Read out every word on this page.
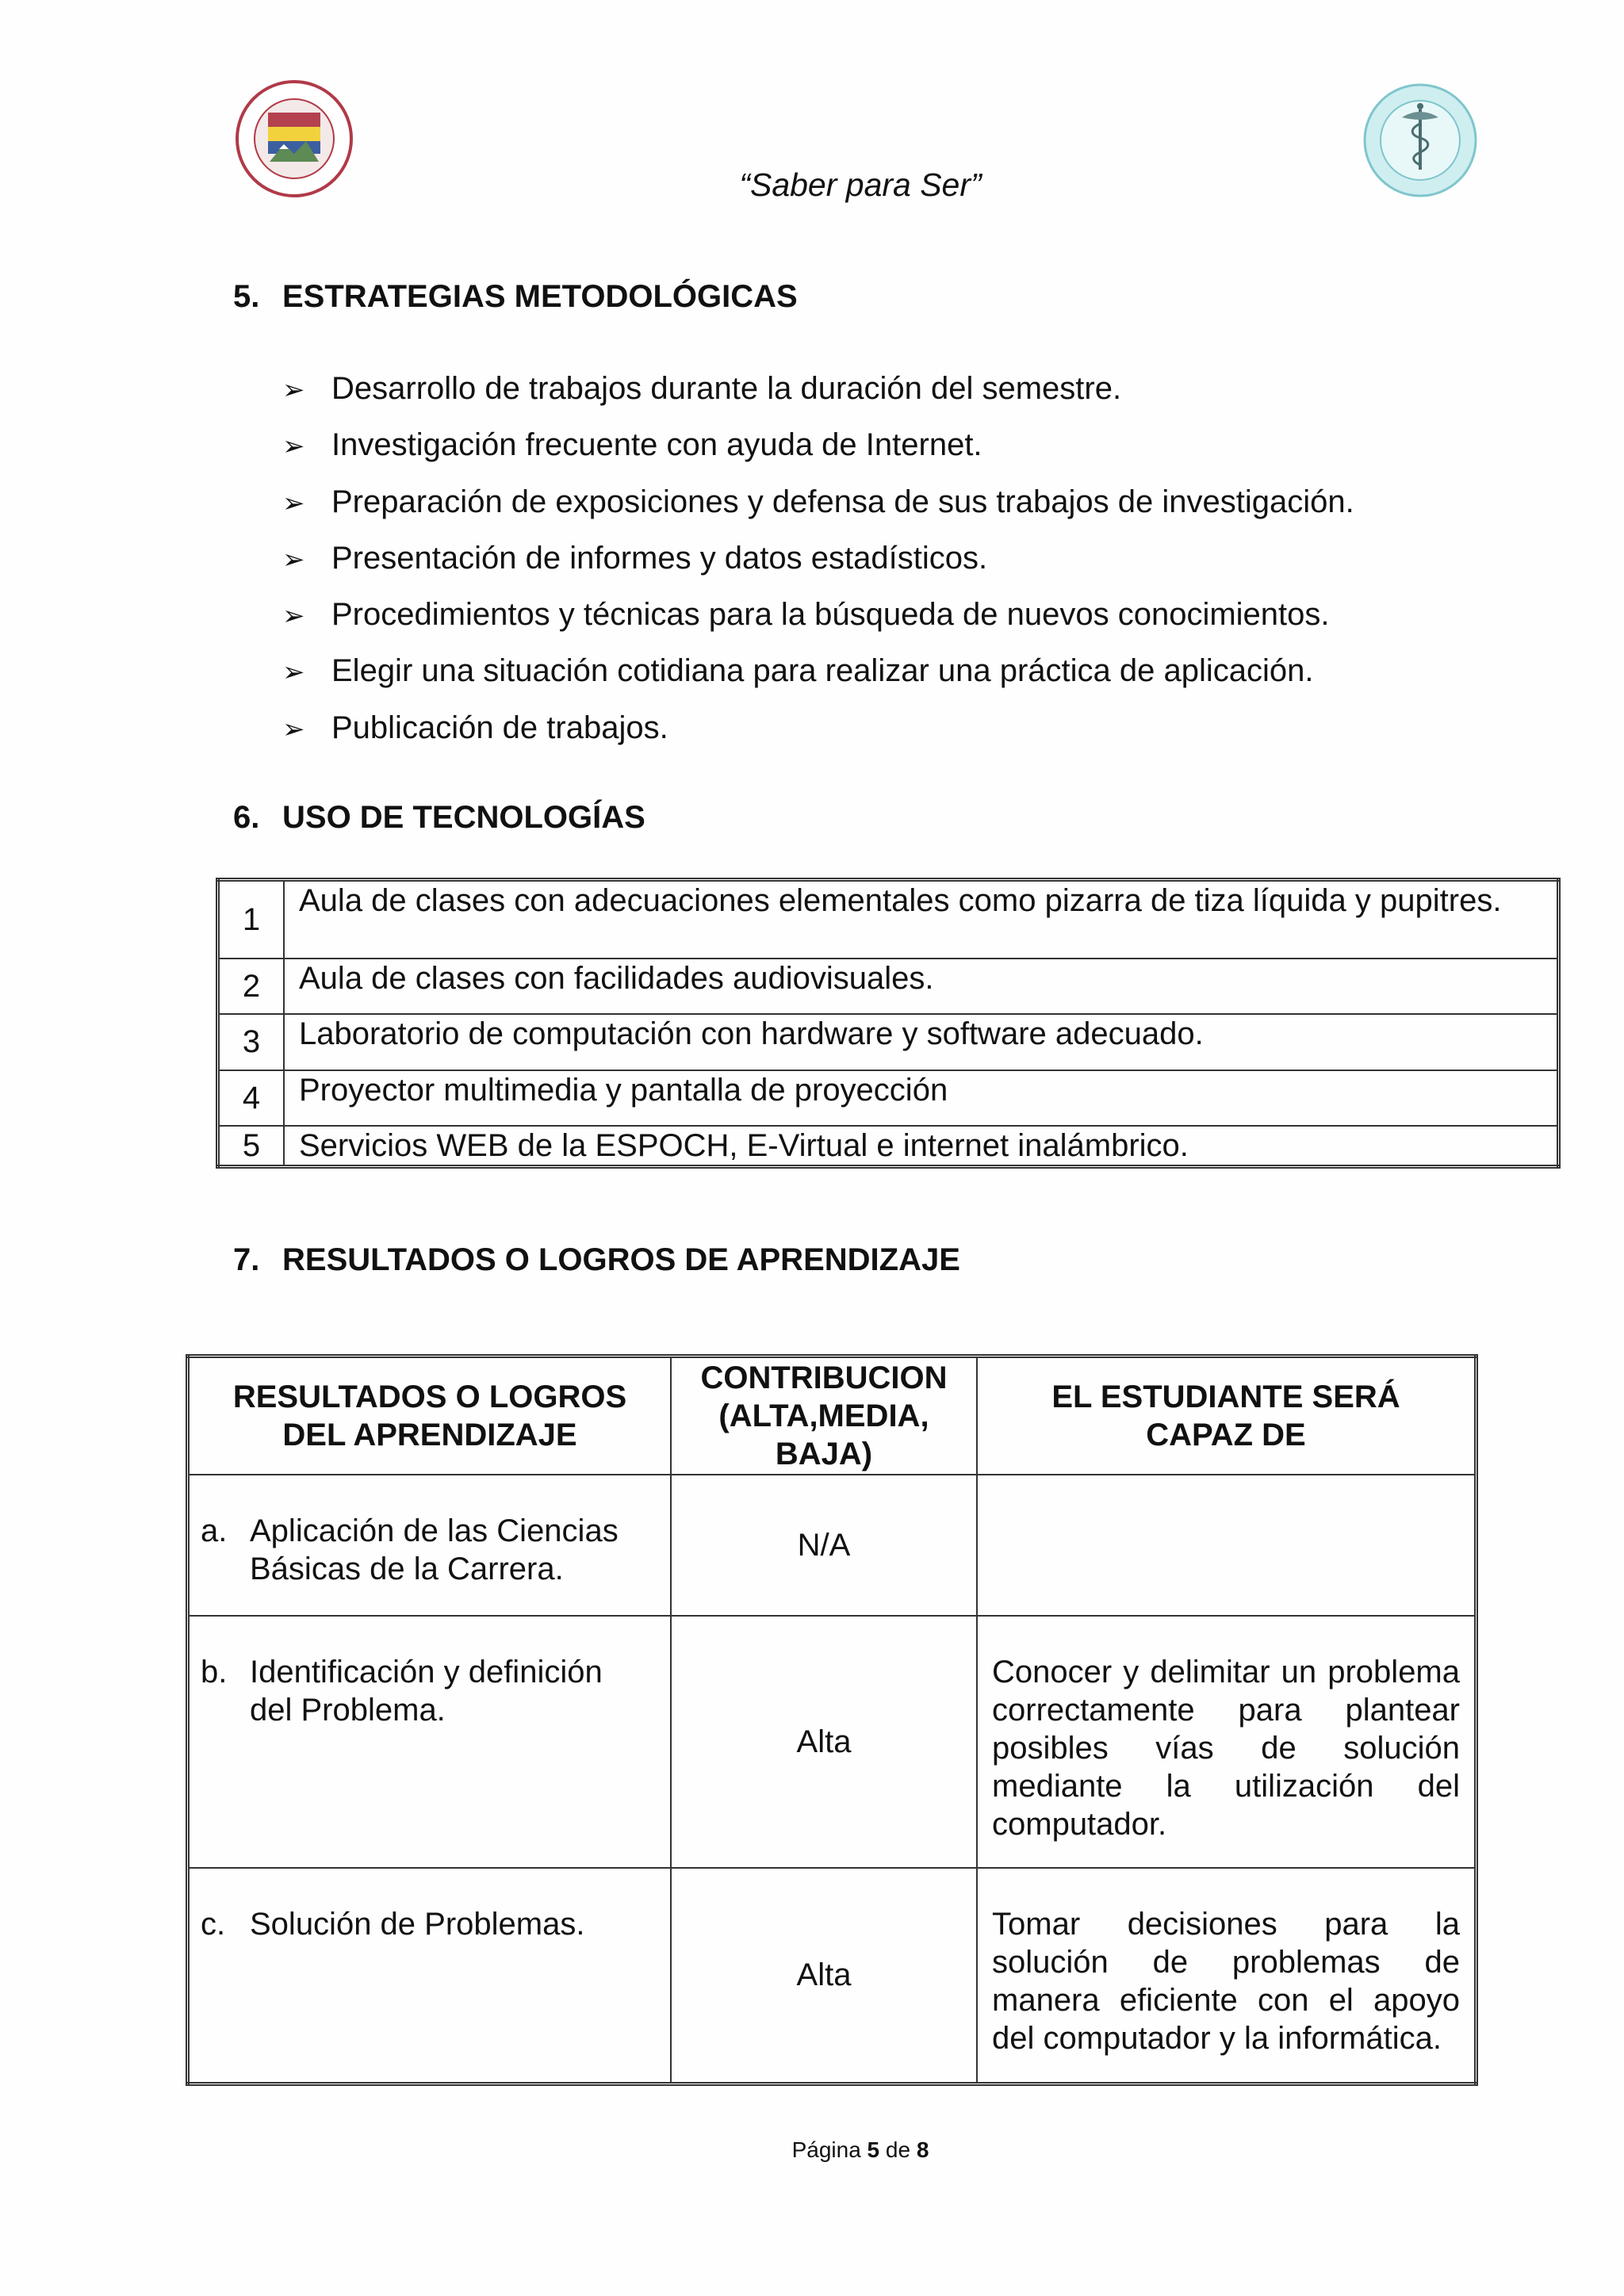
“Saber para Ser”
5. ESTRATEGIAS METODOLÓGICAS
➢ Desarrollo de trabajos durante la duración del semestre.
➢ Investigación frecuente con ayuda de Internet.
➢ Preparación de exposiciones y defensa de sus trabajos de investigación.
➢ Presentación de informes y datos estadísticos.
➢ Procedimientos y técnicas para la búsqueda de nuevos conocimientos.
➢ Elegir una situación cotidiana para realizar una práctica de aplicación.
➢ Publicación de trabajos.
6. USO DE TECNOLOGÍAS
1	Aula de clases con adecuaciones elementales como pizarra de tiza líquida y pupitres.
2	Aula de clases con facilidades audiovisuales.
3	Laboratorio de computación con hardware y software adecuado.
4	Proyector multimedia y pantalla de proyección
5	Servicios WEB de la ESPOCH, E-Virtual e internet inalámbrico.
7. RESULTADOS O LOGROS DE APRENDIZAJE
RESULTADOS O LOGROS DEL APRENDIZAJE	CONTRIBUCION (ALTA,MEDIA, BAJA)	EL ESTUDIANTE SERÁ CAPAZ DE

a. Aplicación de las Ciencias Básicas de la Carrera.	N/A	
b. Identificación y definición del Problema.	Alta	Conocer y delimitar un problema correctamente para plantear posibles vías de solución mediante la utilización del computador.
c. Solución de Problemas.	Alta	Tomar decisiones para la solución de problemas de manera eficiente con el apoyo del computador y la informática.
Página 5 de 8
